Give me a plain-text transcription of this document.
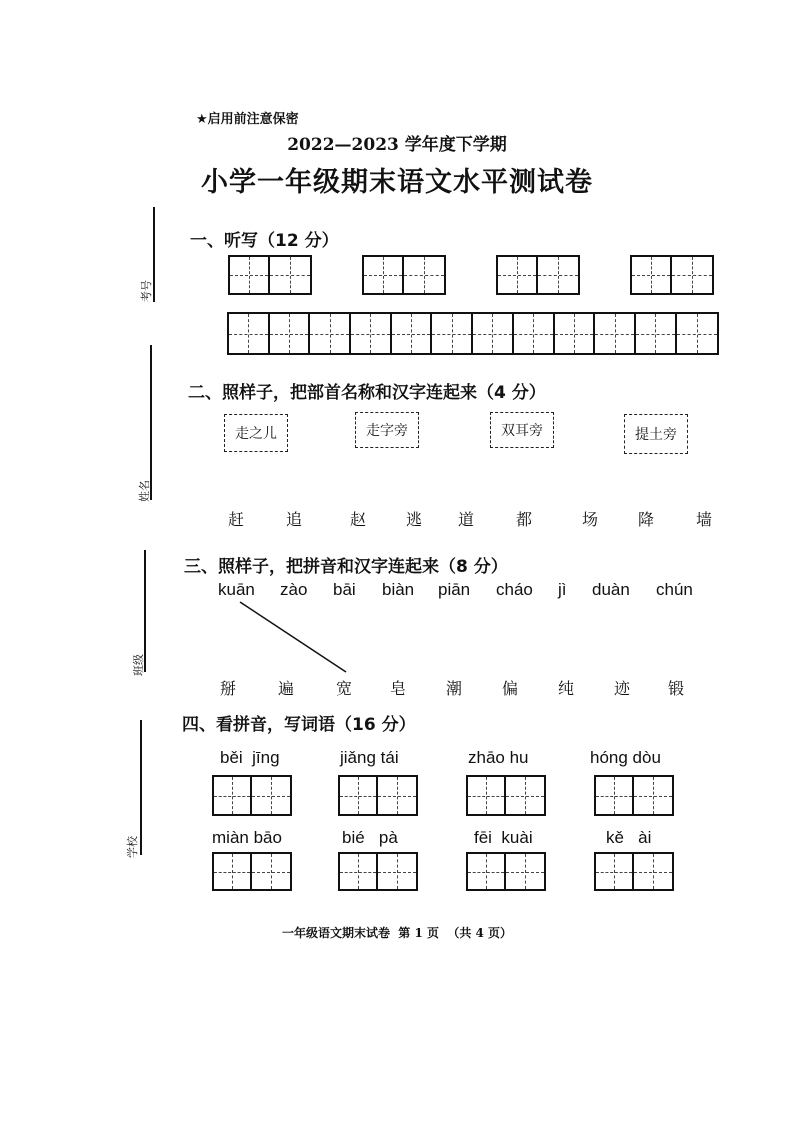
★启用前注意保密
2022—2023 学年度下学期
小学一年级期末语文水平测试卷
考号
姓名
班级
学校
一、听写（12 分）
二、照样子，把部首名称和汉字连起来（4 分）
走之儿	走字旁	双耳旁	提土旁
赶	追	赵 逃 道	都	场 降	墙
三、照样子，把拼音和汉字连起来（8 分）
kuān zào bāi biàn piān cháo jì duàn chún
掰	遍	宽 皂 潮 偏 纯 迹 锻
四、看拼音，写词语（16 分）
běi jīng	jiǎng tái	zhāo hu	hóng dòu
miàn bāo	bié pà	fēi kuài	kě ài
一年级语文期末试卷  第 1 页  （共 4 页）
